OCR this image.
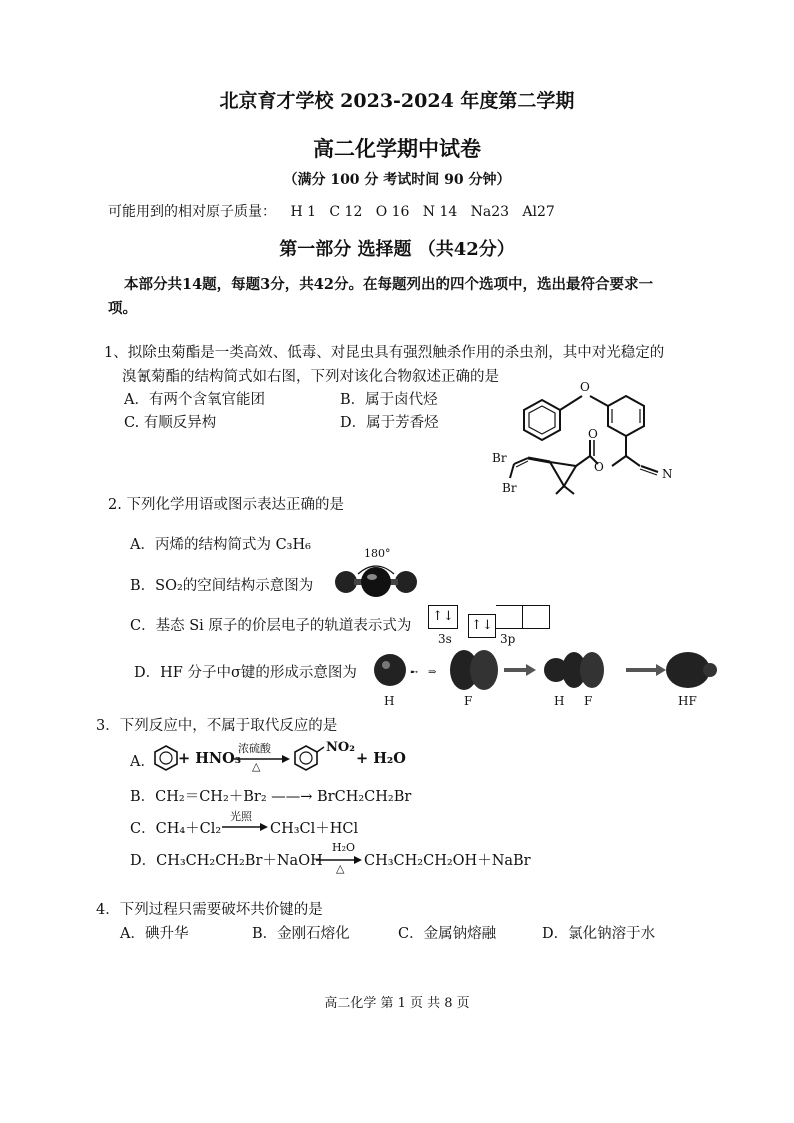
北京育才学校 2023-2024 年度第二学期
高二化学期中试卷
（满分 100 分 考试时间 90 分钟）
可能用到的相对原子质量： H 1   C 12   O 16   N 14   Na23   Al27
第一部分 选择题 （共42分）
本部分共14题，每题3分，共42分。在每题列出的四个选项中，选出最符合要求一
项。
1、拟除虫菊酯是一类高效、低毒、对昆虫具有强烈触杀作用的杀虫剂，其中对光稳定的
溴氰菊酯的结构简式如右图，下列对该化合物叙述正确的是
A．有两个含氧官能团	B．属于卤代烃
C. 有顺反异构	D．属于芳香烃
O
O
O
Br
Br
N
2. 下列化学用语或图示表达正确的是
A．丙烯的结构简式为 C₃H₆
B．SO₂的空间结构示意图为
180°
C．基态 Si 原子的价层电子的轨道表示式为
↑↓
↑↓
3s	3p
D．HF 分子中σ键的形成示意图为	➸ ⇒
H	F	H F	HF
3．下列反应中，不属于取代反应的是
A． + HNO₃
浓硫酸
△
NO₂
+ H₂O
B．CH₂＝CH₂＋Br₂ ——→ BrCH₂CH₂Br
C．CH₄＋Cl₂
光照
CH₃Cl＋HCl
D．CH₃CH₂CH₂Br＋NaOH
H₂O
△ CH₃CH₂CH₂OH＋NaBr
4．下列过程只需要破坏共价键的是
A．碘升华	B．金刚石熔化	C．金属钠熔融	D．氯化钠溶于水
高二化学 第 1 页 共 8 页
